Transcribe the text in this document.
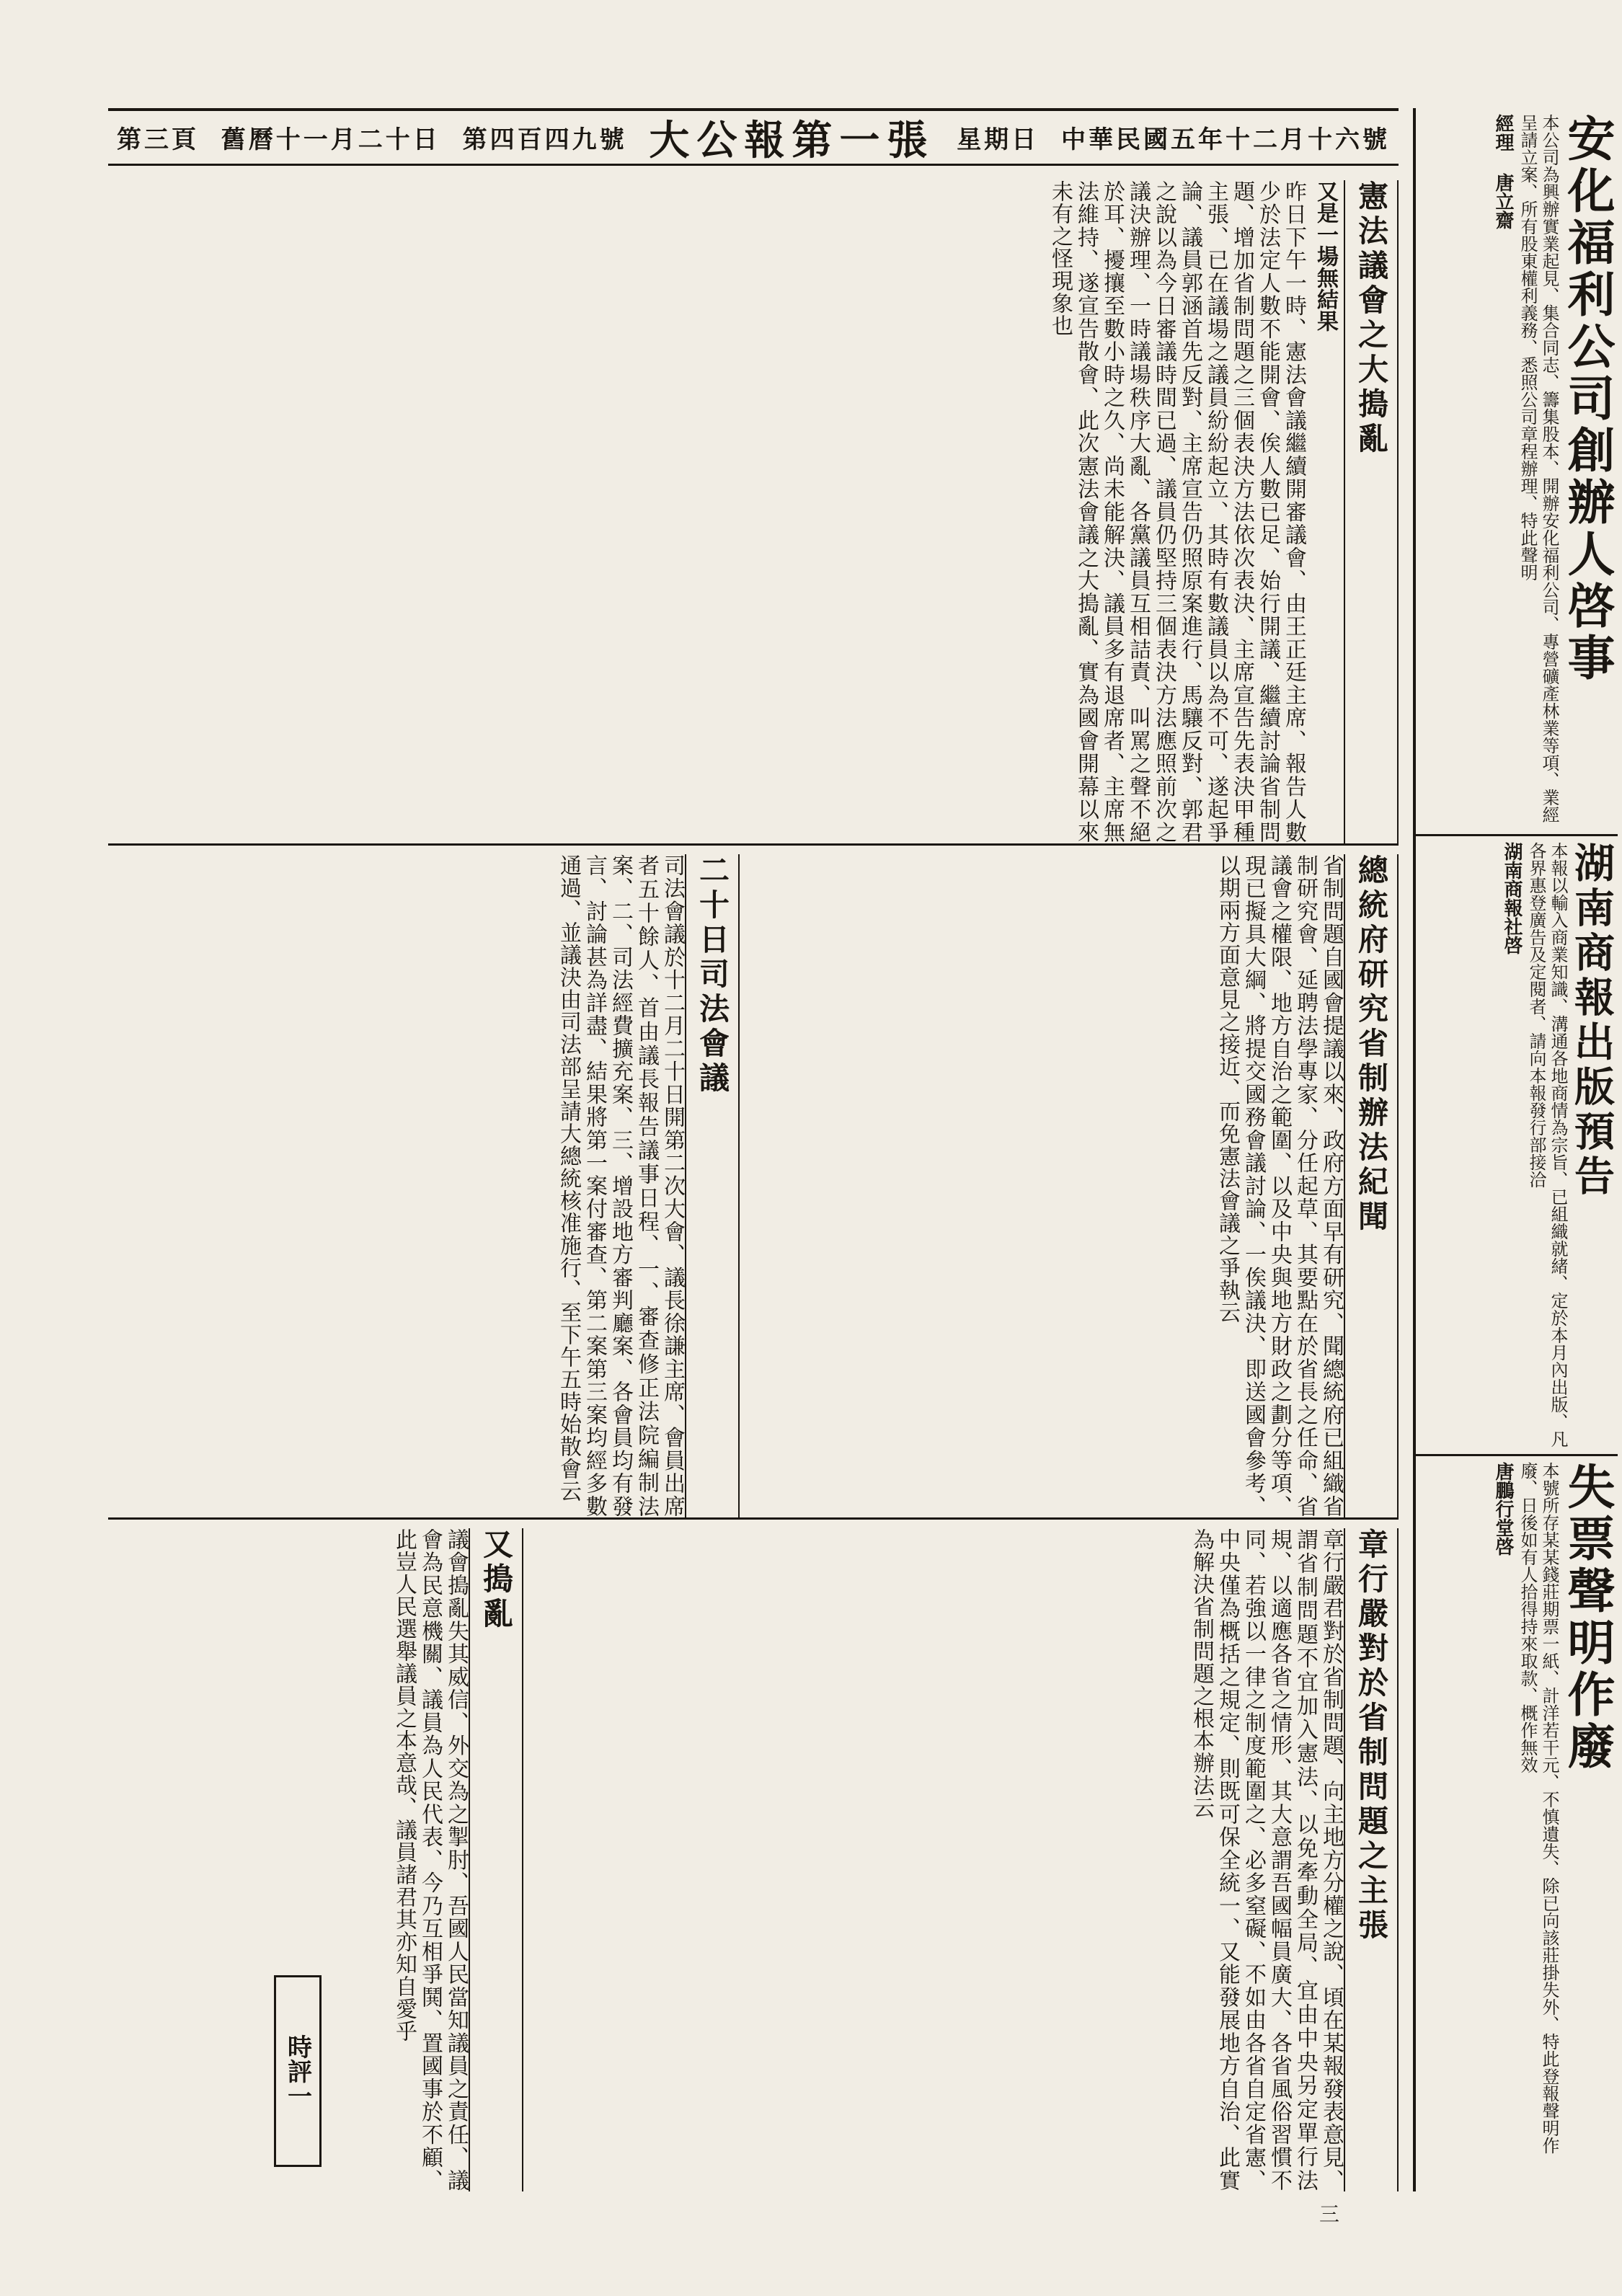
中華民國五年十二月十六號
星期日
大公報第一張
第四百四九號
舊曆十一月二十日
第三頁
憲法議會之大搗亂
又是一場無結果
昨日下午一時、憲法會議繼續開審議會、由王正廷主席、報告人數少於法定人數不能開會、俟人數已足、始行開議、繼續討論省制問題、增加省制問題之三個表決方法依次表決、主席宣告先表決甲種主張、已在議場之議員紛紛起立、其時有數議員以為不可、遂起爭論、議員郭涵首先反對、主席宣告仍照原案進行、馬驤反對、郭君之說以為今日審議時間已過、議員仍堅持三個表決方法應照前次之議決辦理、一時議場秩序大亂、各黨議員互相詰責、叫罵之聲不絕於耳、擾攘至數小時之久、尚未能解決、議員多有退席者、主席無法維持、遂宣告散會、此次憲法會議之大搗亂、實為國會開幕以來未有之怪現象也
總統府研究省制辦法紀聞
省制問題自國會提議以來、政府方面早有研究、聞總統府已組織省制研究會、延聘法學專家、分任起草、其要點在於省長之任命、省議會之權限、地方自治之範圍、以及中央與地方財政之劃分等項、現已擬具大綱、將提交國務會議討論、一俟議決、即送國會參考、以期兩方面意見之接近、而免憲法會議之爭執云
二十日司法會議
司法會議於十二月二十日開第二次大會、議長徐謙主席、會員出席者五十餘人、首由議長報告議事日程、一、審查修正法院編制法案、二、司法經費擴充案、三、增設地方審判廳案、各會員均有發言、討論甚為詳盡、結果將第一案付審查、第二案第三案均經多數通過、並議決由司法部呈請大總統核准施行、至下午五時始散會云
章行嚴對於省制問題之主張
章行嚴君對於省制問題、向主地方分權之說、頃在某報發表意見、謂省制問題不宜加入憲法、以免牽動全局、宜由中央另定單行法規、以適應各省之情形、其大意謂吾國幅員廣大、各省風俗習慣不同、若強以一律之制度範圍之、必多窒礙、不如由各省自定省憲、中央僅為概括之規定、則既可保全統一、又能發展地方自治、此實為解決省制問題之根本辦法云
又搗亂
議會搗亂失其威信、外交為之掣肘、吾國人民當知議員之責任、議會為民意機關、議員為人民代表、今乃互相爭鬨、置國事於不顧、此豈人民選舉議員之本意哉、議員諸君其亦知自愛乎
安化福利公司創辦人啓事
本公司為興辦實業起見、集合同志、籌集股本、開辦安化福利公司、專營礦產林業等項、業經呈請立案、所有股東權利義務、悉照公司章程辦理、特此聲明
經理 唐立齋
湖南商報出版預告
本報以輸入商業知識、溝通各地商情為宗旨、已組織就緒、定於本月內出版、凡各界惠登廣告及定閱者、請向本報發行部接洽
湖南商報社啓
失票聲明作廢
本號所存某某錢莊期票一紙、計洋若干元、不慎遺失、除已向該莊掛失外、特此登報聲明作廢、日後如有人拾得持來取款、概作無效
唐鵬行堂啓
時評一
三
